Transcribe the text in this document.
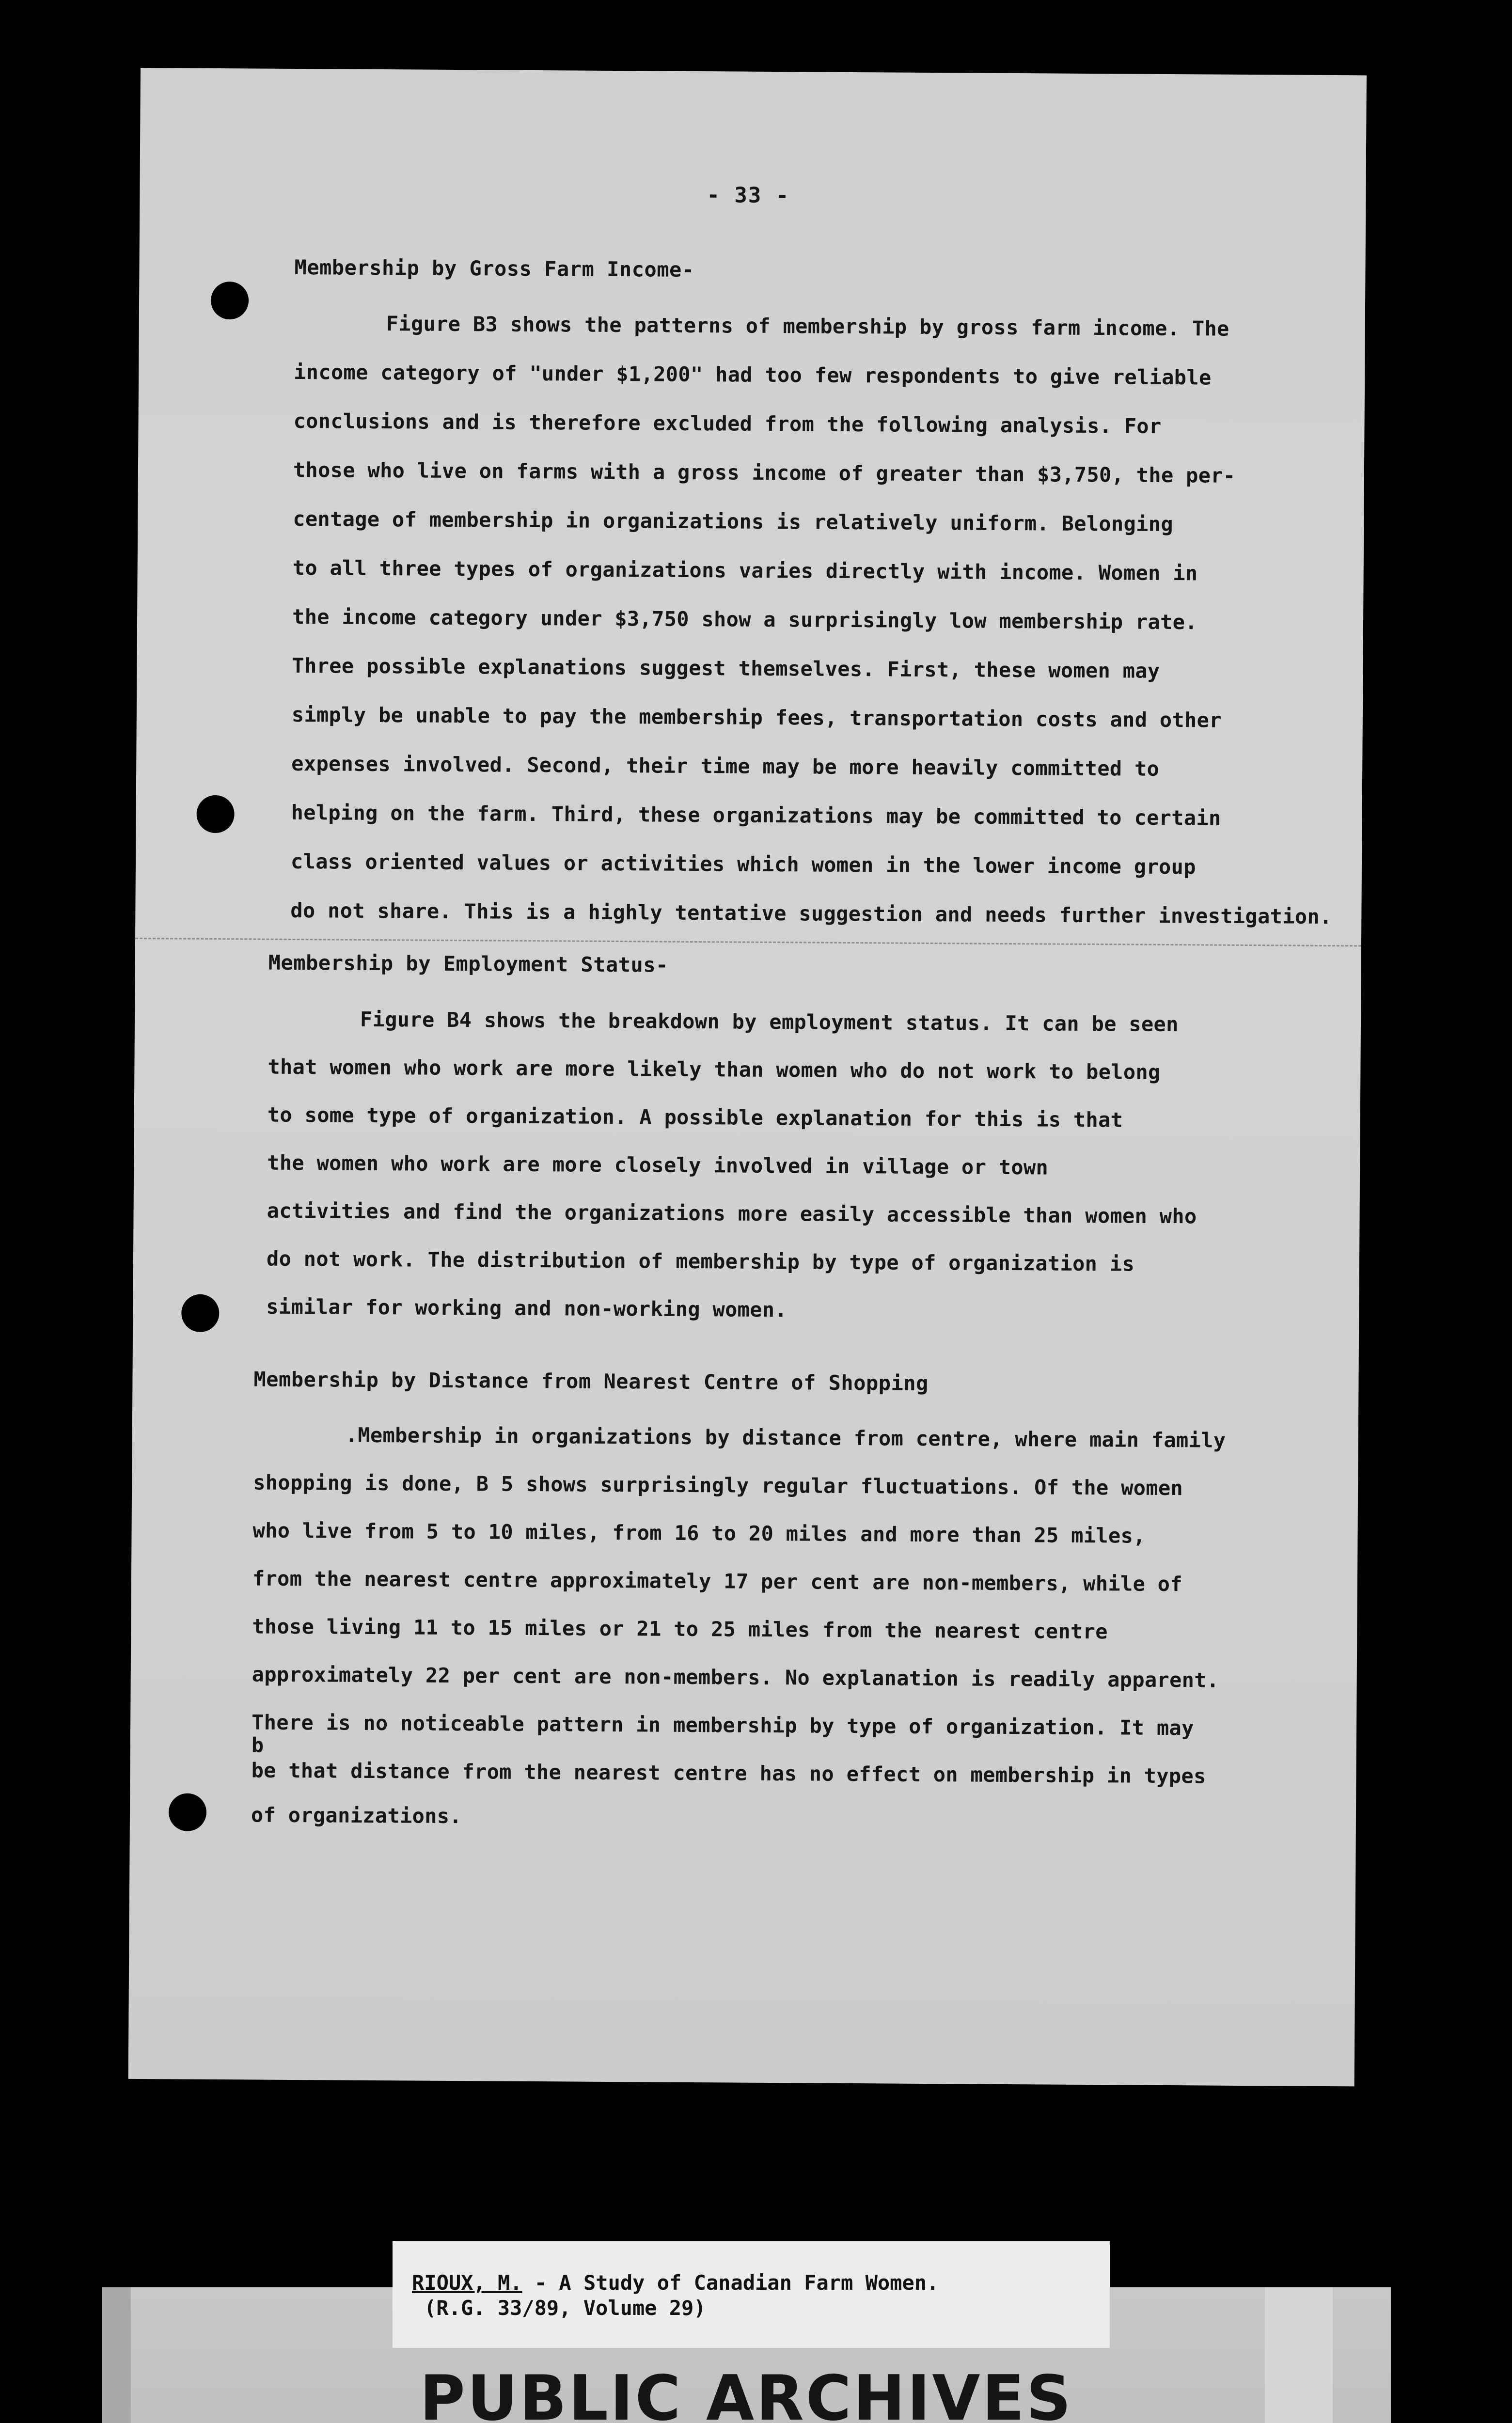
- 33 -
Membership by Gross Farm Income-
Figure B3 shows the patterns of membership by gross farm income. The
income category of "under $1,200" had too few respondents to give reliable
conclusions and is therefore excluded from the following analysis. For
those who live on farms with a gross income of greater than $3,750, the per-
centage of membership in organizations is relatively uniform. Belonging
to all three types of organizations varies directly with income. Women in
the income category under $3,750 show a surprisingly low membership rate.
Three possible explanations suggest themselves. First, these women may
simply be unable to pay the membership fees, transportation costs and other
expenses involved. Second, their time may be more heavily committed to
helping on the farm. Third, these organizations may be committed to certain
class oriented values or activities which women in the lower income group
do not share. This is a highly tentative suggestion and needs further investigation.
Membership by Employment Status-
Figure B4 shows the breakdown by employment status. It can be seen
that women who work are more likely than women who do not work to belong
to some type of organization. A possible explanation for this is that
the women who work are more closely involved in village or town
activities and find the organizations more easily accessible than women who
do not work. The distribution of membership by type of organization is
similar for working and non-working women.
Membership by Distance from Nearest Centre of Shopping
.Membership in organizations by distance from centre, where main family
shopping is done, B 5 shows surprisingly regular fluctuations. Of the women
who live from 5 to 10 miles, from 16 to 20 miles and more than 25 miles,
from the nearest centre approximately 17 per cent are non-members, while of
those living 11 to 15 miles or 21 to 25 miles from the nearest centre
approximately 22 per cent are non-members. No explanation is readily apparent.
There is no noticeable pattern in membership by type of organization. It may
b
be that distance from the nearest centre has no effect on membership in types
of organizations.
RIOUX, M. - A Study of Canadian Farm Women.
(R.G. 33/89, Volume 29)
PUBLIC ARCHIVES
